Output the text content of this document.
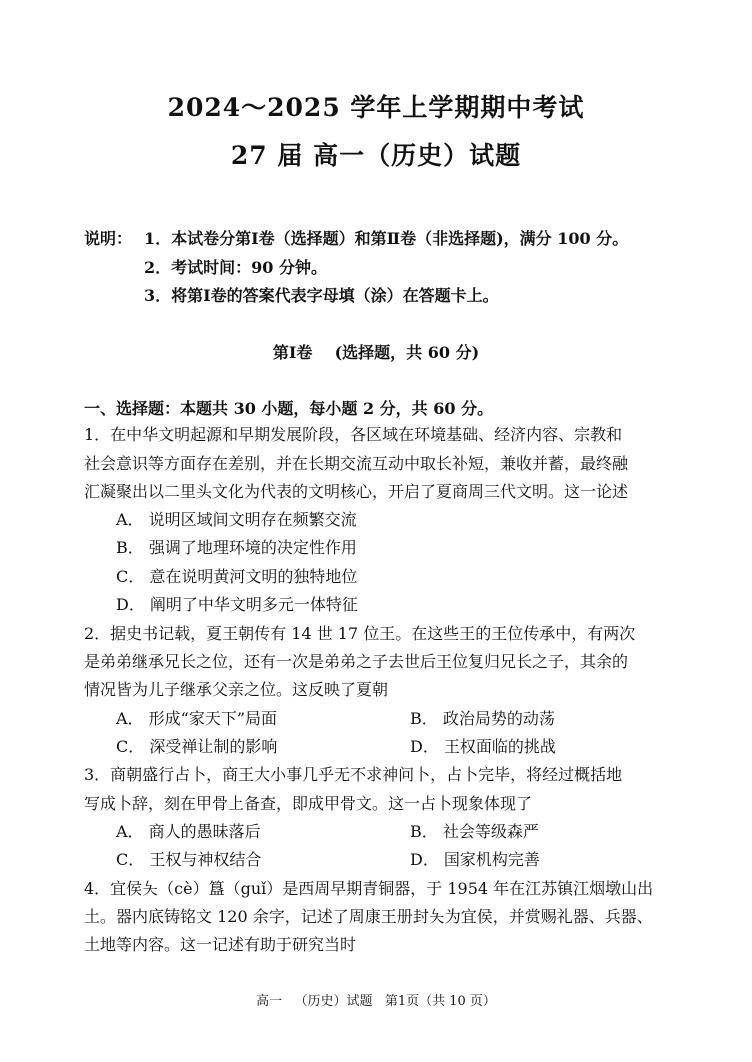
2024～2025 学年上学期期中考试
27 届 高一（历史）试题
说明： 1．本试卷分第Ⅰ卷（选择题）和第Ⅱ卷（非选择题)，满分 100 分。
2．考试时间：90 分钟。
3．将第Ⅰ卷的答案代表字母填（涂）在答题卡上。
第Ⅰ卷    (选择题，共 60 分)
一、选择题：本题共 30 小题，每小题 2 分，共 60 分。
1．在中华文明起源和早期发展阶段，各区域在环境基础、经济内容、宗教和
社会意识等方面存在差别，并在长期交流互动中取长补短，兼收并蓄，最终融
汇凝聚出以二里头文化为代表的文明核心，开启了夏商周三代文明。这一论述
A． 说明区域间文明存在频繁交流
B． 强调了地理环境的决定性作用
C． 意在说明黄河文明的独特地位
D． 阐明了中华文明多元一体特征
2．据史书记载，夏王朝传有 14 世 17 位王。在这些王的王位传承中，有两次
是弟弟继承兄长之位，还有一次是弟弟之子去世后王位复归兄长之子，其余的
情况皆为儿子继承父亲之位。这反映了夏朝
A． 形成“家天下”局面	B． 政治局势的动荡
C． 深受禅让制的影响	D． 王权面临的挑战
3．商朝盛行占卜，商王大小事几乎无不求神问卜，占卜完毕，将经过概括地
写成卜辞，刻在甲骨上备查，即成甲骨文。这一占卜现象体现了
A． 商人的愚昧落后	B． 社会等级森严
C． 王权与神权结合	D． 国家机构完善
4．宜侯夨（cè）簋（guǐ）是西周早期青铜器，于 1954 年在江苏镇江烟墩山出
土。器内底铸铭文 120 余字，记述了周康王册封夨为宜侯，并赏赐礼器、兵器、
土地等内容。这一记述有助于研究当时
高一   （历史）试题   第1页（共 10 页）
